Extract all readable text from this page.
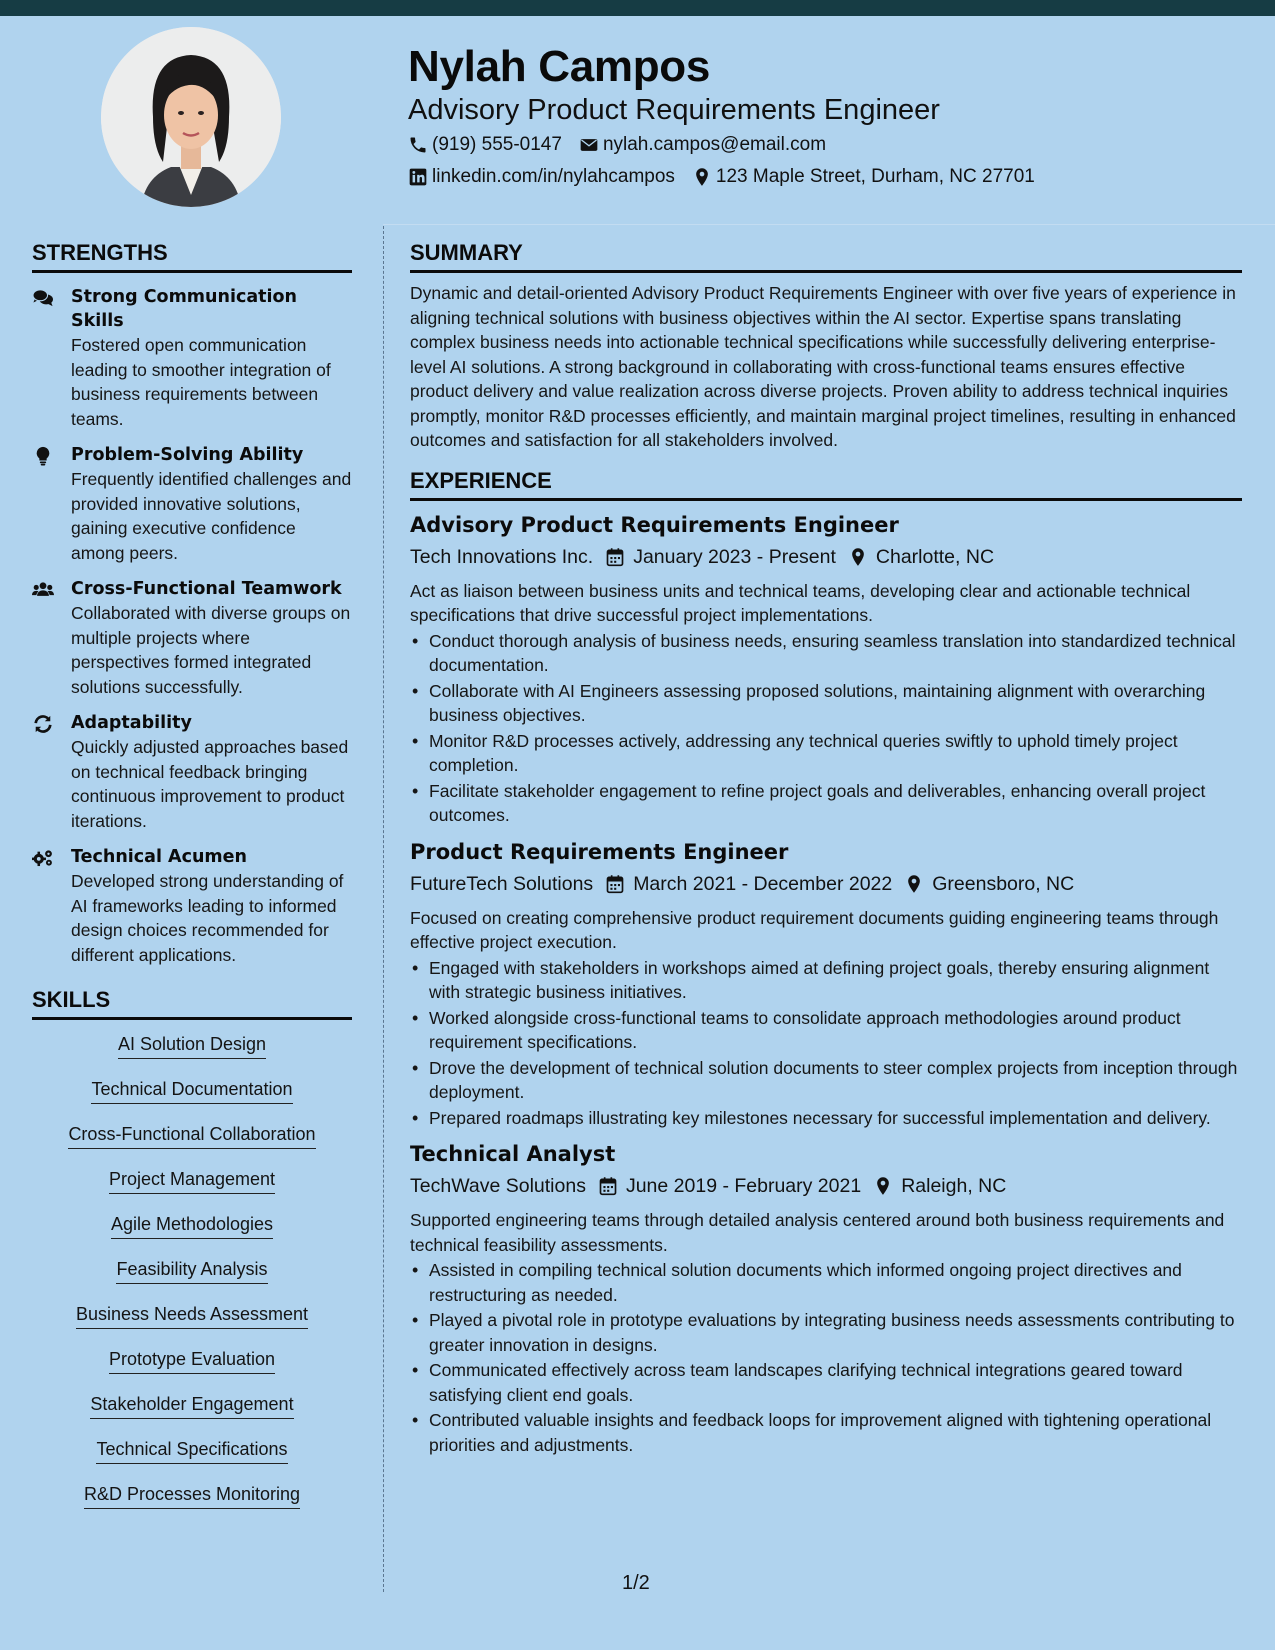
Nylah Campos
Advisory Product Requirements Engineer
(919) 555-0147 nylah.campos@email.com
linkedin.com/in/nylahcampos 123 Maple Street, Durham, NC 27701
STRENGTHS
Strong Communication Skills
Fostered open communication leading to smoother integration of business requirements between teams.
Problem-Solving Ability
Frequently identified challenges and provided innovative solutions, gaining executive confidence among peers.
Cross-Functional Teamwork
Collaborated with diverse groups on multiple projects where perspectives formed integrated solutions successfully.
Adaptability
Quickly adjusted approaches based on technical feedback bringing continuous improvement to product iterations.
Technical Acumen
Developed strong understanding of AI frameworks leading to informed design choices recommended for different applications.
SKILLS
AI Solution Design
Technical Documentation
Cross-Functional Collaboration
Project Management
Agile Methodologies
Feasibility Analysis
Business Needs Assessment
Prototype Evaluation
Stakeholder Engagement
Technical Specifications
R&D Processes Monitoring
SUMMARY
Dynamic and detail-oriented Advisory Product Requirements Engineer with over five years of experience in aligning technical solutions with business objectives within the AI sector. Expertise spans translating complex business needs into actionable technical specifications while successfully delivering enterprise-level AI solutions. A strong background in collaborating with cross-functional teams ensures effective product delivery and value realization across diverse projects. Proven ability to address technical inquiries promptly, monitor R&D processes efficiently, and maintain marginal project timelines, resulting in enhanced outcomes and satisfaction for all stakeholders involved.
EXPERIENCE
Advisory Product Requirements Engineer
Tech Innovations Inc. January 2023 - Present Charlotte, NC
Act as liaison between business units and technical teams, developing clear and actionable technical specifications that drive successful project implementations.
• Conduct thorough analysis of business needs, ensuring seamless translation into standardized technical documentation.
• Collaborate with AI Engineers assessing proposed solutions, maintaining alignment with overarching business objectives.
• Monitor R&D processes actively, addressing any technical queries swiftly to uphold timely project completion.
• Facilitate stakeholder engagement to refine project goals and deliverables, enhancing overall project outcomes.
Product Requirements Engineer
FutureTech Solutions March 2021 - December 2022 Greensboro, NC
Focused on creating comprehensive product requirement documents guiding engineering teams through effective project execution.
• Engaged with stakeholders in workshops aimed at defining project goals, thereby ensuring alignment with strategic business initiatives.
• Worked alongside cross-functional teams to consolidate approach methodologies around product requirement specifications.
• Drove the development of technical solution documents to steer complex projects from inception through deployment.
• Prepared roadmaps illustrating key milestones necessary for successful implementation and delivery.
Technical Analyst
TechWave Solutions June 2019 - February 2021 Raleigh, NC
Supported engineering teams through detailed analysis centered around both business requirements and technical feasibility assessments.
• Assisted in compiling technical solution documents which informed ongoing project directives and restructuring as needed.
• Played a pivotal role in prototype evaluations by integrating business needs assessments contributing to greater innovation in designs.
• Communicated effectively across team landscapes clarifying technical integrations geared toward satisfying client end goals.
• Contributed valuable insights and feedback loops for improvement aligned with tightening operational priorities and adjustments.
1/2
